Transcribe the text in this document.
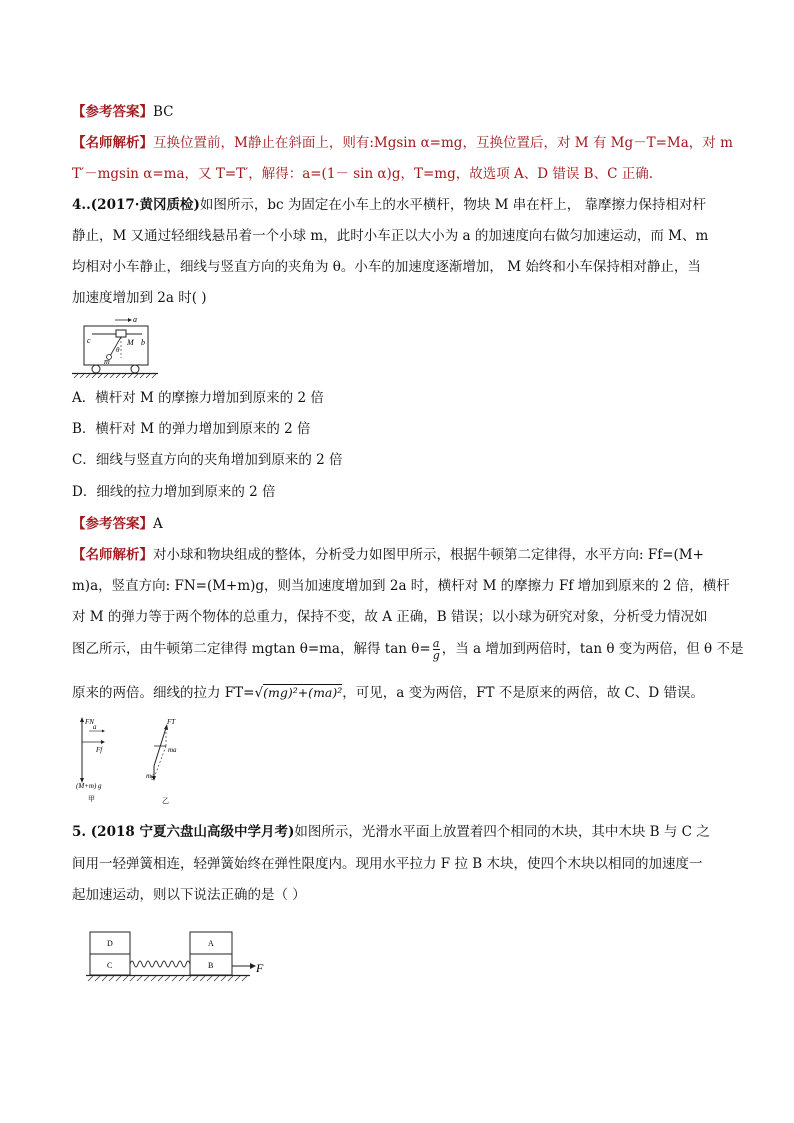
【参考答案】BC
【名师解析】互换位置前，M静止在斜面上，则有:Mgsin α=mg，互换位置后，对 M 有 Mg－T=Ma，对 m
T′－mgsin α=ma，又 T=T′，解得：a=(1－ sin α)g，T=mg，故选项 A、D 错误 B、C 正确.
4..(2017·黄冈质检)如图所示，bc 为固定在小车上的水平横杆，物块 M 串在杆上， 靠摩擦力保持相对杆
静止，M 又通过轻细线悬吊着一个小球 m，此时小车正以大小为 a 的加速度向右做匀加速运动，而 M、m
均相对小车静止，细线与竖直方向的夹角为 θ。小车的加速度逐渐增加， M 始终和小车保持相对静止，当
加速度增加到 2a 时( )
a
c	M b
θ
m
A．横杆对 M 的摩擦力增加到原来的 2 倍
B．横杆对 M 的弹力增加到原来的 2 倍
C．细线与竖直方向的夹角增加到原来的 2 倍
D．细线的拉力增加到原来的 2 倍
【参考答案】A
【名师解析】对小球和物块组成的整体，分析受力如图甲所示，根据牛顿第二定律得，水平方向: Ff=(M+
m)a，竖直方向: FN=(M+m)g，则当加速度增加到 2a 时，横杆对 M 的摩擦力 Ff 增加到原来的 2 倍，横杆
对 M 的弹力等于两个物体的总重力，保持不变，故 A 正确，B 错误；以小球为研究对象，分析受力情况如
图乙所示，由牛顿第二定律得 mgtan θ=ma，解得 $\tan \theta= \frac{a}{g}$ ，当 a 增加到两倍时，tan θ 变为两倍，但 θ 不是
原来的两倍。细线的拉力 FT=√(mg)²+(ma)²，可见，a 变为两倍，FT 不是原来的两倍，故 C、D 错误。
FN
a
Ff
(M+m) g
甲
FT
ma
mg
乙
5. (2018 宁夏六盘山高级中学月考)如图所示，光滑水平面上放置着四个相同的木块，其中木块 B 与 C 之
间用一轻弹簧相连，轻弹簧始终在弹性限度内。现用水平拉力 F 拉 B 木块，使四个木块以相同的加速度一
起加速运动，则以下说法正确的是（ ）
D
C
A
B	F
